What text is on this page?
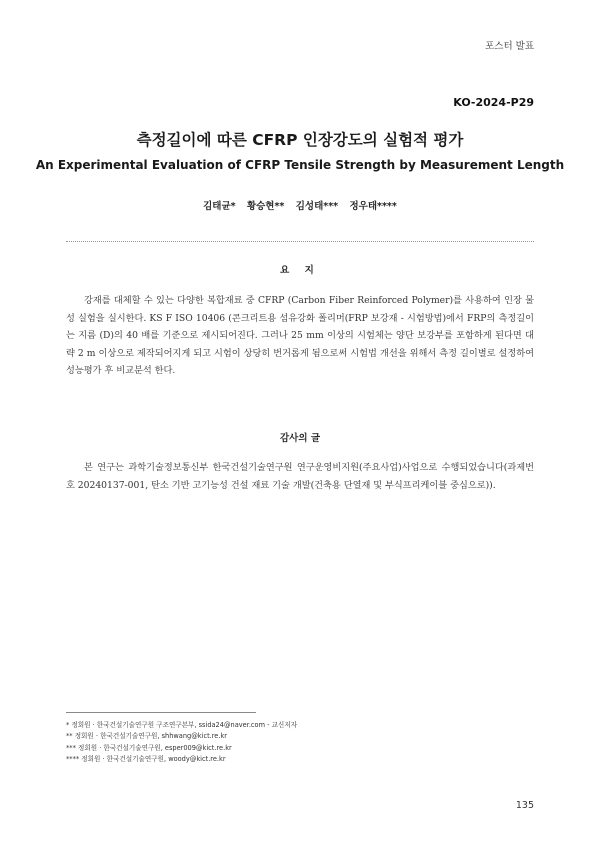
포스터 발표
KO-2024-P29
측정길이에 따른 CFRP 인장강도의 실험적 평가
An Experimental Evaluation of CFRP Tensile Strength by Measurement Length
김태균* 황승현** 김성태*** 정우태****
요 지
강재를 대체할 수 있는 다양한 복합재료 중 CFRP (Carbon Fiber Reinforced Polymer)를 사용하여 인장 물성 실험을 실시한다. KS F ISO 10406 (콘크리트용 섬유강화 폴리머(FRP 보강재 - 시험방법)에서 FRP의 측정길이는 지름 (D)의 40 배를 기준으로 제시되어진다. 그러나 25 mm 이상의 시험체는 양단 보강부를 포함하게 된다면 대략 2 m 이상으로 제작되어지게 되고 시험이 상당히 번거롭게 됨으로써 시험법 개선을 위해서 측정 길이별로 설정하여 성능평가 후 비교분석 한다.
감사의 글
본 연구는 과학기술정보통신부 한국건설기술연구원 연구운영비지원(주요사업)사업으로 수행되었습니다(과제번호 20240137-001, 탄소 기반 고기능성 건설 재료 기술 개발(건축용 단열재 및 부식프리케이블 중심으로)).
* 정회원 · 한국건설기술연구원 구조연구본부, ssida24@naver.com - 교신저자
** 정회원 · 한국건설기술연구원, shhwang@kict.re.kr
*** 정회원 · 한국건설기술연구원, esper009@kict.re.kr
**** 정회원 · 한국건설기술연구원, woody@kict.re.kr
135
